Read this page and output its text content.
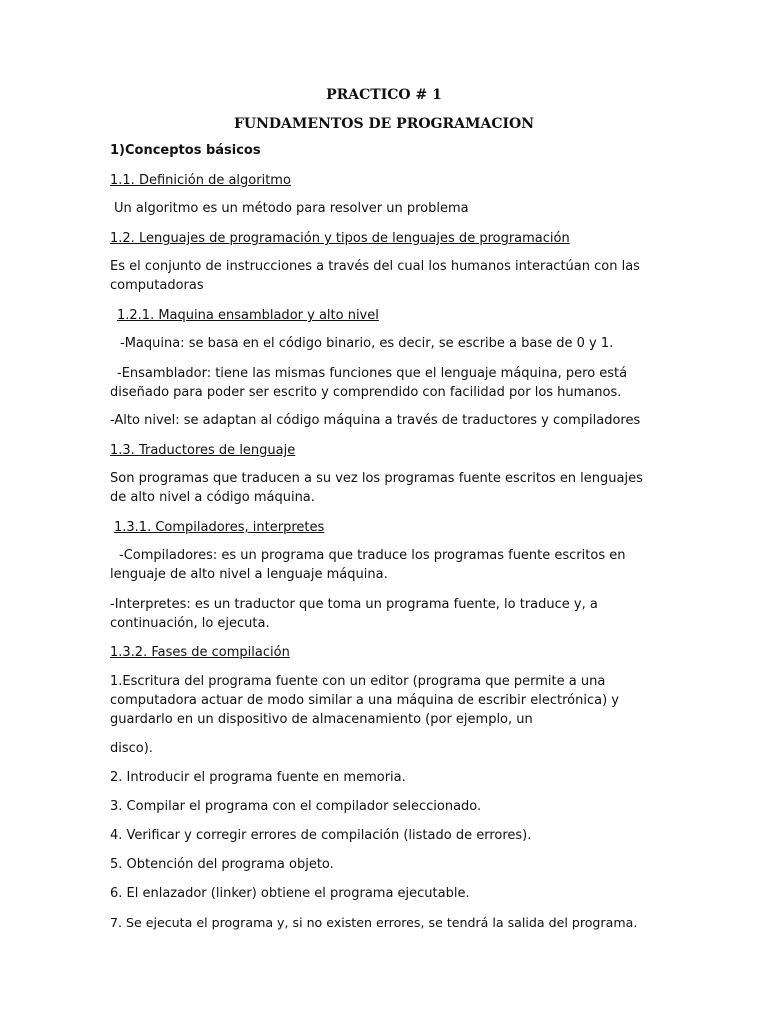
PRACTICO # 1
FUNDAMENTOS DE PROGRAMACION
1)Conceptos básicos
1.1. Definición de algoritmo
Un algoritmo es un método para resolver un problema
1.2. Lenguajes de programación y tipos de lenguajes de programación
Es el conjunto de instrucciones a través del cual los humanos interactúan con las computadoras
1.2.1. Maquina ensamblador y alto nivel
-Maquina: se basa en el código binario, es decir, se escribe a base de 0 y 1.
-Ensamblador: tiene las mismas funciones que el lenguaje máquina, pero está diseñado para poder ser escrito y comprendido con facilidad por los humanos.
-Alto nivel: se adaptan al código máquina a través de traductores y compiladores
1.3. Traductores de lenguaje
Son programas que traducen a su vez los programas fuente escritos en lenguajes de alto nivel a código máquina.
1.3.1. Compiladores, interpretes
-Compiladores: es un programa que traduce los programas fuente escritos en lenguaje de alto nivel a lenguaje máquina.
-Interpretes: es un traductor que toma un programa fuente, lo traduce y, a continuación, lo ejecuta.
1.3.2. Fases de compilación
1.Escritura del programa fuente con un editor (programa que permite a una computadora actuar de modo similar a una máquina de escribir electrónica) y guardarlo en un dispositivo de almacenamiento (por ejemplo, un
disco).
2. Introducir el programa fuente en memoria.
3. Compilar el programa con el compilador seleccionado.
4. Verificar y corregir errores de compilación (listado de errores).
5. Obtención del programa objeto.
6. El enlazador (linker) obtiene el programa ejecutable.
7. Se ejecuta el programa y, si no existen errores, se tendrá la salida del programa.
